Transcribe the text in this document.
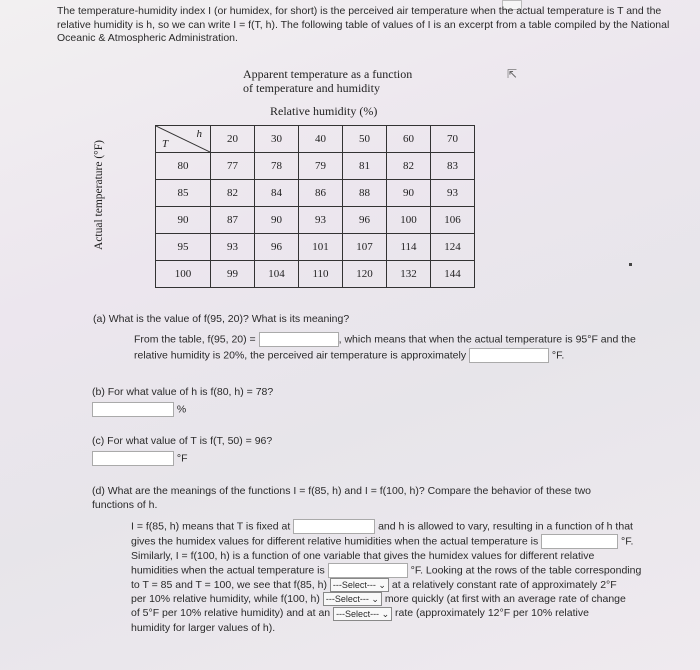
The temperature-humidity index I (or humidex, for short) is the perceived air temperature when the actual temperature is T and the relative humidity is h, so we can write I = f(T, h). The following table of values of I is an excerpt from a table compiled by the National Oceanic & Atmospheric Administration.
Apparent temperature as a function
of temperature and humidity
Relative humidity (%)
Actual temperature (°F)
⇱
h
T	20	30	40	50	60	70
80	77	78	79	81	82	83
85	82	84	86	88	90	93
90	87	90	93	96	100	106
95	93	96	101	107	114	124
100	99	104	110	120	132	144
(a) What is the value of f(95, 20)? What is its meaning?
From the table, f(95, 20) =	, which means that when the actual temperature is 95°F and the
relative humidity is 20%, the perceived air temperature is approximately	°F.
(b) For what value of h is f(80, h) = 78?
%
(c) For what value of T is f(T, 50) = 96?
°F
(d) What are the meanings of the functions I = f(85, h) and I = f(100, h)? Compare the behavior of these two
functions of h.
I = f(85, h) means that T is fixed at	and h is allowed to vary, resulting in a function of h that
gives the humidex values for different relative humidities when the actual temperature is	°F.
Similarly, I = f(100, h) is a function of one variable that gives the humidex values for different relative
humidities when the actual temperature is	°F. Looking at the rows of the table corresponding
to T = 85 and T = 100, we see that f(85, h) ---Select--- ⌄ at a relatively constant rate of approximately 2°F
per 10% relative humidity, while f(100, h) ---Select--- ⌄ more quickly (at first with an average rate of change
of 5°F per 10% relative humidity) and at an ---Select--- ⌄ rate (approximately 12°F per 10% relative
humidity for larger values of h).
